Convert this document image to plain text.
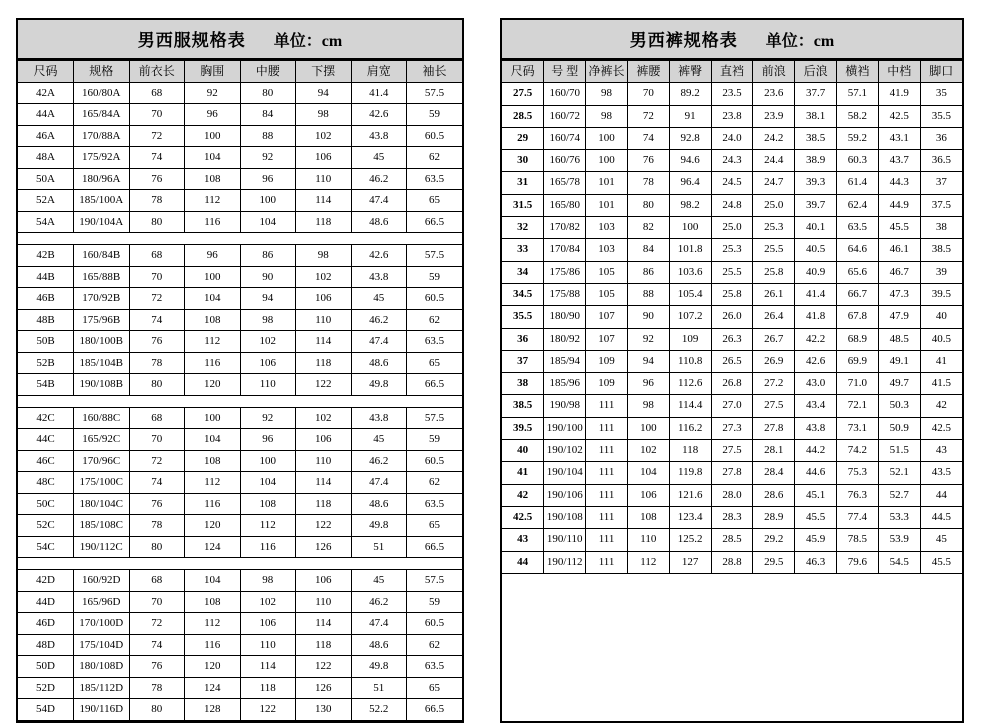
男西服规格表 单位：cm
尺码	规格	前衣长	胸围	中腰	下摆	肩宽	袖长
42A	160/80A	68	92	80	94	41.4	57.5
44A	165/84A	70	96	84	98	42.6	59
46A	170/88A	72	100	88	102	43.8	60.5
48A	175/92A	74	104	92	106	45	62
50A	180/96A	76	108	96	110	46.2	63.5
52A	185/100A	78	112	100	114	47.4	65
54A	190/104A	80	116	104	118	48.6	66.5

42B	160/84B	68	96	86	98	42.6	57.5
44B	165/88B	70	100	90	102	43.8	59
46B	170/92B	72	104	94	106	45	60.5
48B	175/96B	74	108	98	110	46.2	62
50B	180/100B	76	112	102	114	47.4	63.5
52B	185/104B	78	116	106	118	48.6	65
54B	190/108B	80	120	110	122	49.8	66.5

42C	160/88C	68	100	92	102	43.8	57.5
44C	165/92C	70	104	96	106	45	59
46C	170/96C	72	108	100	110	46.2	60.5
48C	175/100C	74	112	104	114	47.4	62
50C	180/104C	76	116	108	118	48.6	63.5
52C	185/108C	78	120	112	122	49.8	65
54C	190/112C	80	124	116	126	51	66.5

42D	160/92D	68	104	98	106	45	57.5
44D	165/96D	70	108	102	110	46.2	59
46D	170/100D	72	112	106	114	47.4	60.5
48D	175/104D	74	116	110	118	48.6	62
50D	180/108D	76	120	114	122	49.8	63.5
52D	185/112D	78	124	118	126	51	65
54D	190/116D	80	128	122	130	52.2	66.5
男西裤规格表 单位：cm
尺码	号 型	净裤长	裤腰	裤臀	直裆	前浪	后浪	横裆	中档	脚口
27.5	160/70	98	70	89.2	23.5	23.6	37.7	57.1	41.9	35
28.5	160/72	98	72	91	23.8	23.9	38.1	58.2	42.5	35.5
29	160/74	100	74	92.8	24.0	24.2	38.5	59.2	43.1	36
30	160/76	100	76	94.6	24.3	24.4	38.9	60.3	43.7	36.5
31	165/78	101	78	96.4	24.5	24.7	39.3	61.4	44.3	37
31.5	165/80	101	80	98.2	24.8	25.0	39.7	62.4	44.9	37.5
32	170/82	103	82	100	25.0	25.3	40.1	63.5	45.5	38
33	170/84	103	84	101.8	25.3	25.5	40.5	64.6	46.1	38.5
34	175/86	105	86	103.6	25.5	25.8	40.9	65.6	46.7	39
34.5	175/88	105	88	105.4	25.8	26.1	41.4	66.7	47.3	39.5
35.5	180/90	107	90	107.2	26.0	26.4	41.8	67.8	47.9	40
36	180/92	107	92	109	26.3	26.7	42.2	68.9	48.5	40.5
37	185/94	109	94	110.8	26.5	26.9	42.6	69.9	49.1	41
38	185/96	109	96	112.6	26.8	27.2	43.0	71.0	49.7	41.5
38.5	190/98	111	98	114.4	27.0	27.5	43.4	72.1	50.3	42
39.5	190/100	111	100	116.2	27.3	27.8	43.8	73.1	50.9	42.5
40	190/102	111	102	118	27.5	28.1	44.2	74.2	51.5	43
41	190/104	111	104	119.8	27.8	28.4	44.6	75.3	52.1	43.5
42	190/106	111	106	121.6	28.0	28.6	45.1	76.3	52.7	44
42.5	190/108	111	108	123.4	28.3	28.9	45.5	77.4	53.3	44.5
43	190/110	111	110	125.2	28.5	29.2	45.9	78.5	53.9	45
44	190/112	111	112	127	28.8	29.5	46.3	79.6	54.5	45.5
